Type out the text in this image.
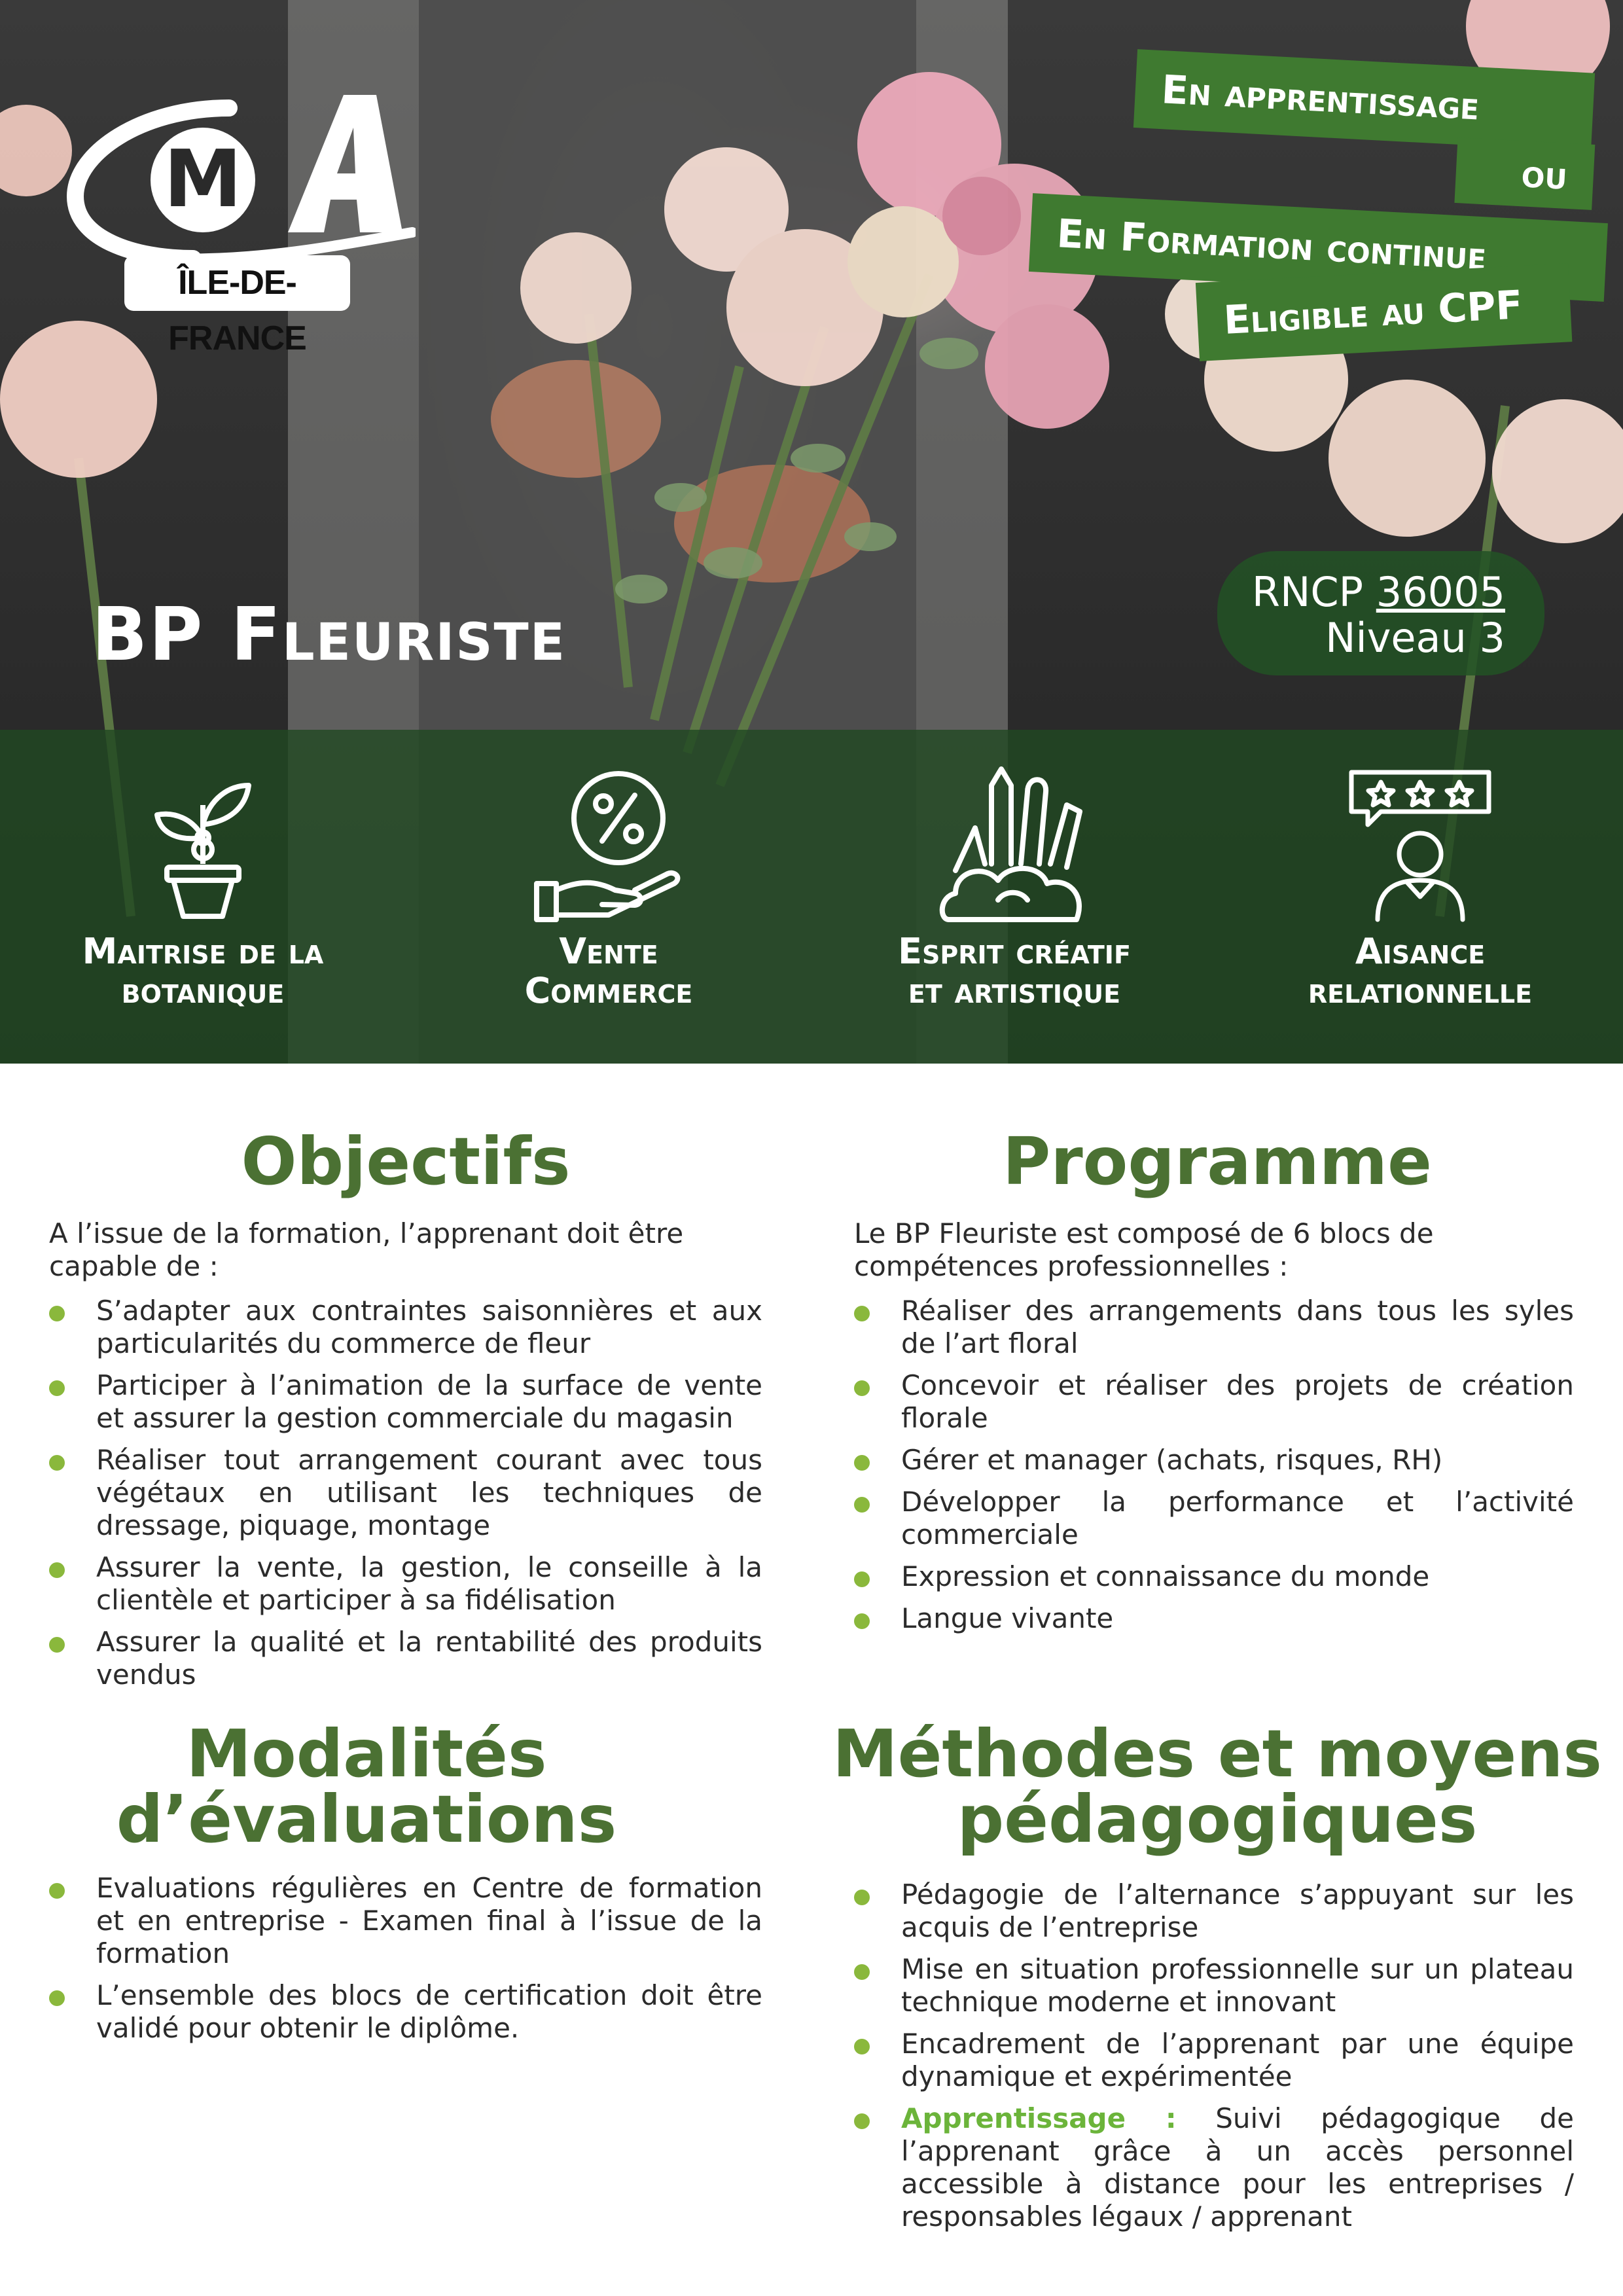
M
ÎLE-DE-FRANCE
En apprentissage
ou
En Formation continue
Eligible au CPF
BP Fleuriste
RNCP 36005
Niveau 3
Maitrise de la
botanique
Vente
Commerce
Esprit créatif
et artistique
Aisance
relationnelle
Objectifs

A l’issue de la formation, l’apprenant doit être capable de :

S’adapter aux contraintes saisonnières et aux particularités du commerce de fleur
Participer à l’animation de la surface de vente et assurer la gestion commerciale du magasin
Réaliser tout arrangement courant avec tous végétaux en utilisant les techniques de dressage, piquage, montage
Assurer la vente, la gestion, le conseille à la clientèle et participer à sa fidélisation
Assurer la qualité et la rentabilité des produits vendus
Programme

Le BP Fleuriste est composé de 6 blocs de compétences professionnelles :

Réaliser des arrangements dans tous les syles de l’art floral
Concevoir et réaliser des projets de création florale
Gérer et manager (achats, risques, RH)
Développer la performance et l’activité commerciale
Expression et connaissance du monde
Langue vivante
Modalités
d’évaluations
Evaluations régulières en Centre de formation et en entreprise - Examen final à l’issue de la formation
L’ensemble des blocs de certification doit être validé pour obtenir le diplôme.
Méthodes et moyens
pédagogiques
Pédagogie de l’alternance s’appuyant sur les acquis de l’entreprise
Mise en situation professionnelle sur un plateau technique moderne et innovant
Encadrement de l’apprenant par une équipe dynamique et expérimentée
Apprentissage : Suivi pédagogique de l’apprenant grâce à un accès personnel accessible à distance pour les entreprises / responsables légaux / apprenant
